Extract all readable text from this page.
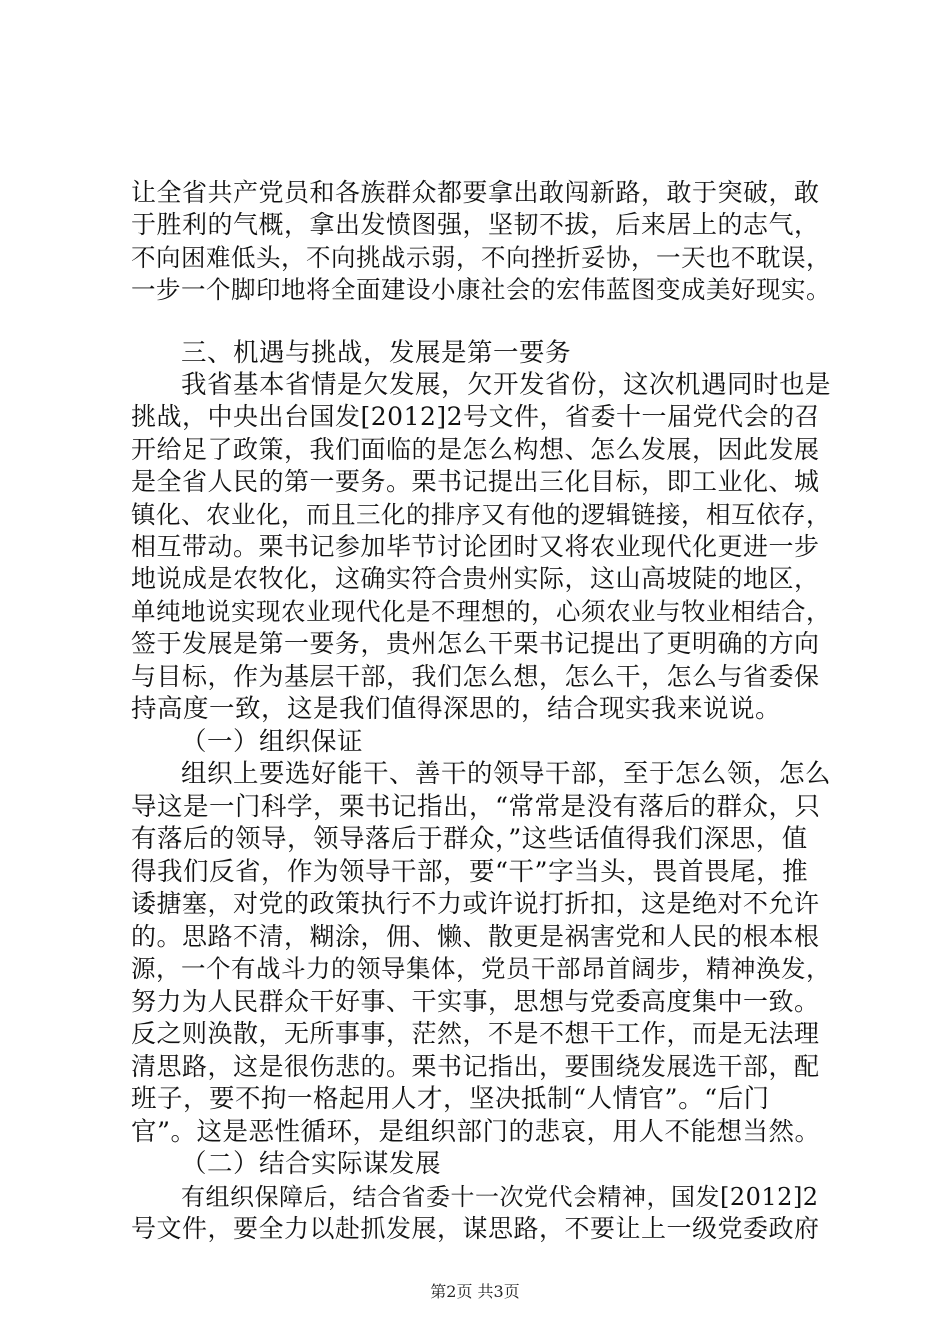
让全省共产党员和各族群众都要拿出敢闯新路，敢于突破，敢
于胜利的气概，拿出发愤图强，坚韧不拔，后来居上的志气，
不向困难低头，不向挑战示弱，不向挫折妥协，一天也不耽误，
一步一个脚印地将全面建设小康社会的宏伟蓝图变成美好现实。
三、机遇与挑战，发展是第一要务
我省基本省情是欠发展，欠开发省份，这次机遇同时也是
挑战，中央出台国发[2012]2号文件，省委十一届党代会的召
开给足了政策，我们面临的是怎么构想、怎么发展，因此发展
是全省人民的第一要务。栗书记提出三化目标，即工业化、城
镇化、农业化，而且三化的排序又有他的逻辑链接，相互依存，
相互带动。栗书记参加毕节讨论团时又将农业现代化更进一步
地说成是农牧化，这确实符合贵州实际，这山高坡陡的地区，
单纯地说实现农业现代化是不理想的，心须农业与牧业相结合，
签于发展是第一要务，贵州怎么干栗书记提出了更明确的方向
与目标，作为基层干部，我们怎么想，怎么干，怎么与省委保
持高度一致，这是我们值得深思的，结合现实我来说说。
（一）组织保证
组织上要选好能干、善干的领导干部，至于怎么领，怎么
导这是一门科学，栗书记指出，“常常是没有落后的群众，只
有落后的领导，领导落后于群众，”这些话值得我们深思，值
得我们反省，作为领导干部，要“干”字当头，畏首畏尾，推
诿搪塞，对党的政策执行不力或许说打折扣，这是绝对不允许
的。思路不清，糊涂，佣、懒、散更是祸害党和人民的根本根
源，一个有战斗力的领导集体，党员干部昂首阔步，精神涣发，
努力为人民群众干好事、干实事，思想与党委高度集中一致。
反之则涣散，无所事事，茫然，不是不想干工作，而是无法理
清思路，这是很伤悲的。栗书记指出，要围绕发展选干部，配
班子，要不拘一格起用人才，坚决抵制“人情官”。“后门
官”。这是恶性循环，是组织部门的悲哀，用人不能想当然。
（二）结合实际谋发展
有组织保障后，结合省委十一次党代会精神，国发[2012]2
号文件，要全力以赴抓发展，谋思路，不要让上一级党委政府
第2页 共3页
